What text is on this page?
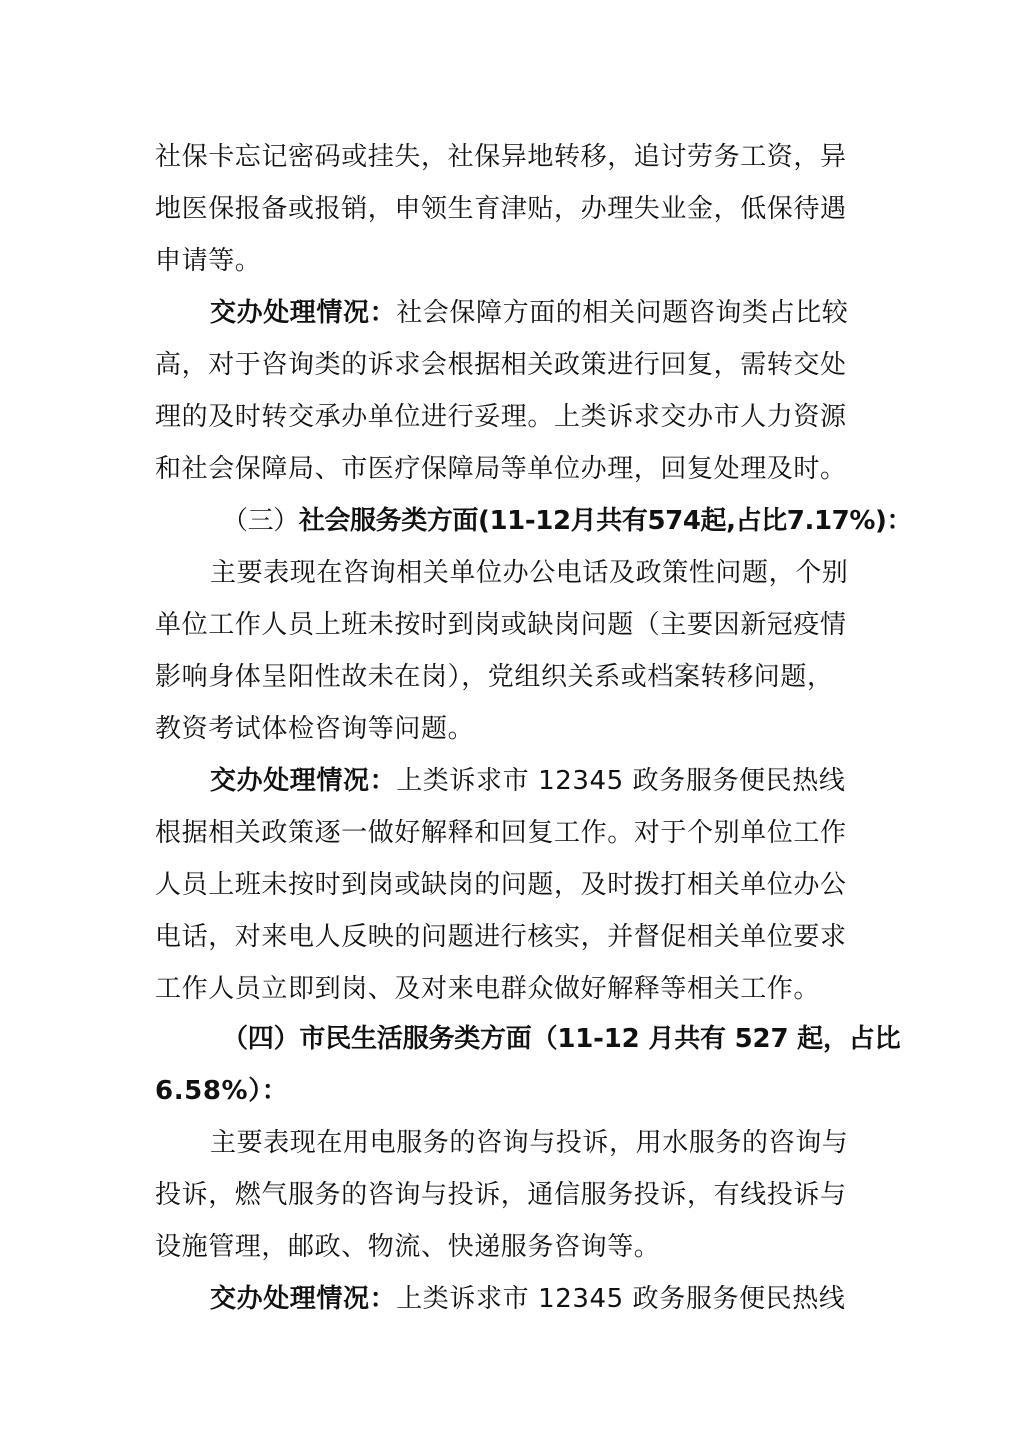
社保卡忘记密码或挂失，社保异地转移，追讨劳务工资，异
地医保报备或报销，申领生育津贴，办理失业金，低保待遇
申请等。
交办处理情况：社会保障方面的相关问题咨询类占比较
高，对于咨询类的诉求会根据相关政策进行回复，需转交处
理的及时转交承办单位进行妥理。上类诉求交办市人力资源
和社会保障局、市医疗保障局等单位办理，回复处理及时。
（三）社会服务类方面(11-12月共有574起,占比7.17%)：
主要表现在咨询相关单位办公电话及政策性问题，个别
单位工作人员上班未按时到岗或缺岗问题（主要因新冠疫情
影响身体呈阳性故未在岗），党组织关系或档案转移问题，
教资考试体检咨询等问题。
交办处理情况：上类诉求市 12345 政务服务便民热线
根据相关政策逐一做好解释和回复工作。对于个别单位工作
人员上班未按时到岗或缺岗的问题，及时拨打相关单位办公
电话，对来电人反映的问题进行核实，并督促相关单位要求
工作人员立即到岗、及对来电群众做好解释等相关工作。
（四）市民生活服务类方面（11-12 月共有 527 起，占比
6.58%）：
主要表现在用电服务的咨询与投诉，用水服务的咨询与
投诉，燃气服务的咨询与投诉，通信服务投诉，有线投诉与
设施管理，邮政、物流、快递服务咨询等。
交办处理情况：上类诉求市 12345 政务服务便民热线
